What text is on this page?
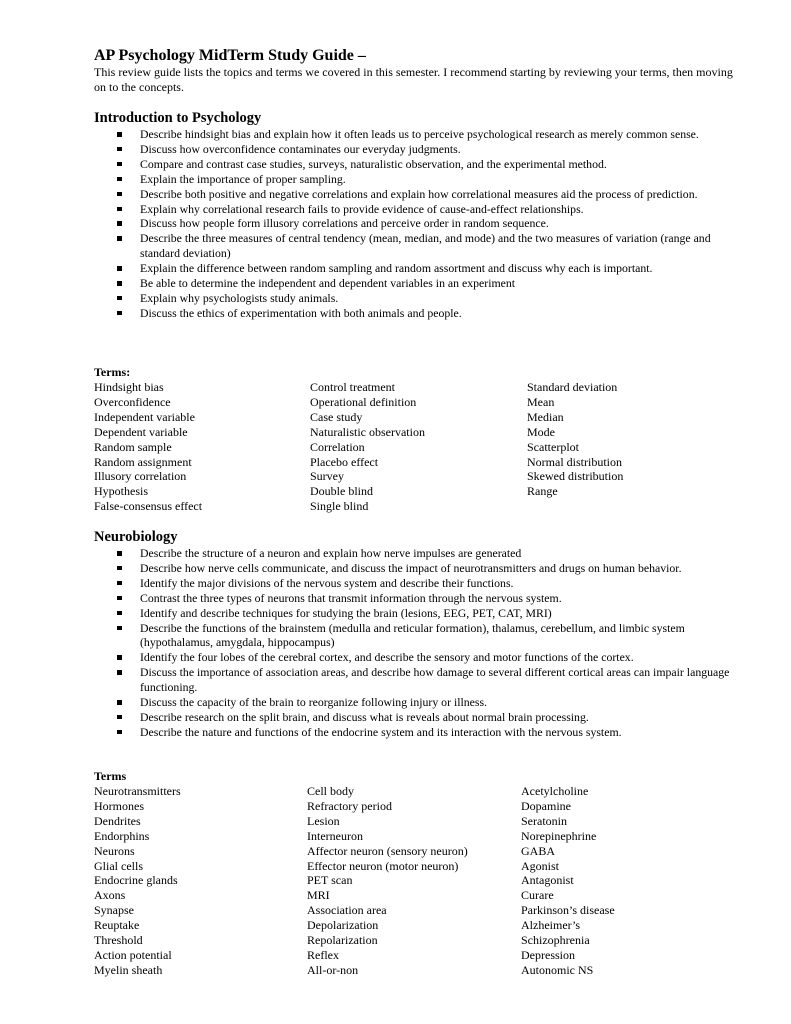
AP Psychology MidTerm Study Guide –

This review guide lists the topics and terms we covered in this semester. I recommend starting by reviewing your terms, then moving on to the concepts.

Introduction to Psychology
Describe hindsight bias and explain how it often leads us to perceive psychological research as merely common sense.
Discuss how overconfidence contaminates our everyday judgments.
Compare and contrast case studies, surveys, naturalistic observation, and the experimental method.
Explain the importance of proper sampling.
Describe both positive and negative correlations and explain how correlational measures aid the process of prediction.
Explain why correlational research fails to provide evidence of cause-and-effect relationships.
Discuss how people form illusory correlations and perceive order in random sequence.
Describe the three measures of central tendency (mean, median, and mode) and the two measures of variation (range and standard deviation)
Explain the difference between random sampling and random assortment and discuss why each is important.
Be able to determine the independent and dependent variables in an experiment
Explain why psychologists study animals.
Discuss the ethics of experimentation with both animals and people.
Terms:
Hindsight bias
Overconfidence
Independent variable
Dependent variable
Random sample
Random assignment
Illusory correlation
Hypothesis
False-consensus effect
Control treatment
Operational definition
Case study
Naturalistic observation
Correlation
Placebo effect
Survey
Double blind
Single blind
Standard deviation
Mean
Median
Mode
Scatterplot
Normal distribution
Skewed distribution
Range
Neurobiology
Describe the structure of a neuron and explain how nerve impulses are generated
Describe how nerve cells communicate, and discuss the impact of neurotransmitters and drugs on human behavior.
Identify the major divisions of the nervous system and describe their functions.
Contrast the three types of neurons that transmit information through the nervous system.
Identify and describe techniques for studying the brain (lesions, EEG, PET, CAT, MRI)
Describe the functions of the brainstem (medulla and reticular formation), thalamus, cerebellum, and limbic system (hypothalamus, amygdala, hippocampus)
Identify the four lobes of the cerebral cortex, and describe the sensory and motor functions of the cortex.
Discuss the importance of association areas, and describe how damage to several different cortical areas can impair language functioning.
Discuss the capacity of the brain to reorganize following injury or illness.
Describe research on the split brain, and discuss what is reveals about normal brain processing.
Describe the nature and functions of the endocrine system and its interaction with the nervous system.
Terms
Neurotransmitters
Hormones
Dendrites
Endorphins
Neurons
Glial cells
Endocrine glands
Axons
Synapse
Reuptake
Threshold
Action potential
Myelin sheath
Cell body
Refractory period
Lesion
Interneuron
Affector neuron (sensory neuron)
Effector neuron (motor neuron)
PET scan
MRI
Association area
Depolarization
Repolarization
Reflex
All-or-non
Acetylcholine
Dopamine
Seratonin
Norepinephrine
GABA
Agonist
Antagonist
Curare
Parkinson’s disease
Alzheimer’s
Schizophrenia
Depression
Autonomic NS
